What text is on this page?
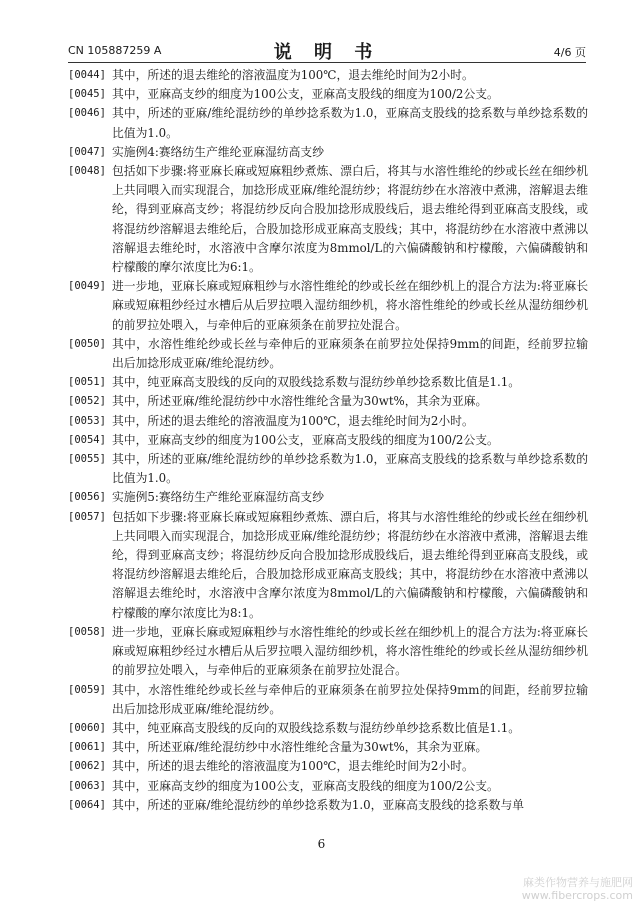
CN 105887259 A	说 明 书	4/6 页
[0044] 其中，所述的退去维纶的溶液温度为100℃，退去维纶时间为2小时。
[0045] 其中，亚麻高支纱的细度为100公支，亚麻高支股线的细度为100/2公支。
[0046] 其中，所述的亚麻/维纶混纺纱的单纱捻系数为1.0，亚麻高支股线的捻系数与单纱捻系数的比值为1.0。
[0047] 实施例4:赛络纺生产维纶亚麻湿纺高支纱
[0048] 包括如下步骤:将亚麻长麻或短麻粗纱煮炼、漂白后，将其与水溶性维纶的纱或长丝在细纱机上共同喂入而实现混合，加捻形成亚麻/维纶混纺纱；将混纺纱在水溶液中煮沸，溶解退去维纶，得到亚麻高支纱；将混纺纱反向合股加捻形成股线后，退去维纶得到亚麻高支股线，或将混纺纱溶解退去维纶后，合股加捻形成亚麻高支股线；其中，将混纺纱在水溶液中煮沸以溶解退去维纶时，水溶液中含摩尔浓度为8mmol/L的六偏磷酸钠和柠檬酸，六偏磷酸钠和柠檬酸的摩尔浓度比为6:1。
[0049] 进一步地，亚麻长麻或短麻粗纱与水溶性维纶的纱或长丝在细纱机上的混合方法为:将亚麻长麻或短麻粗纱经过水槽后从后罗拉喂入湿纺细纱机，将水溶性维纶的纱或长丝从湿纺细纱机的前罗拉处喂入，与牵伸后的亚麻须条在前罗拉处混合。
[0050] 其中，水溶性维纶纱或长丝与牵伸后的亚麻须条在前罗拉处保持9mm的间距，经前罗拉输出后加捻形成亚麻/维纶混纺纱。
[0051] 其中，纯亚麻高支股线的反向的双股线捻系数与混纺纱单纱捻系数比值是1.1。
[0052] 其中，所述亚麻/维纶混纺纱中水溶性维纶含量为30wt%，其余为亚麻。
[0053] 其中，所述的退去维纶的溶液温度为100℃，退去维纶时间为2小时。
[0054] 其中，亚麻高支纱的细度为100公支，亚麻高支股线的细度为100/2公支。
[0055] 其中，所述的亚麻/维纶混纺纱的单纱捻系数为1.0，亚麻高支股线的捻系数与单纱捻系数的比值为1.0。
[0056] 实施例5:赛络纺生产维纶亚麻湿纺高支纱
[0057] 包括如下步骤:将亚麻长麻或短麻粗纱煮炼、漂白后，将其与水溶性维纶的纱或长丝在细纱机上共同喂入而实现混合，加捻形成亚麻/维纶混纺纱；将混纺纱在水溶液中煮沸，溶解退去维纶，得到亚麻高支纱；将混纺纱反向合股加捻形成股线后，退去维纶得到亚麻高支股线，或将混纺纱溶解退去维纶后，合股加捻形成亚麻高支股线；其中，将混纺纱在水溶液中煮沸以溶解退去维纶时，水溶液中含摩尔浓度为8mmol/L的六偏磷酸钠和柠檬酸，六偏磷酸钠和柠檬酸的摩尔浓度比为8:1。
[0058] 进一步地，亚麻长麻或短麻粗纱与水溶性维纶的纱或长丝在细纱机上的混合方法为:将亚麻长麻或短麻粗纱经过水槽后从后罗拉喂入湿纺细纱机，将水溶性维纶的纱或长丝从湿纺细纱机的前罗拉处喂入，与牵伸后的亚麻须条在前罗拉处混合。
[0059] 其中，水溶性维纶纱或长丝与牵伸后的亚麻须条在前罗拉处保持9mm的间距，经前罗拉输出后加捻形成亚麻/维纶混纺纱。
[0060] 其中，纯亚麻高支股线的反向的双股线捻系数与混纺纱单纱捻系数比值是1.1。
[0061] 其中，所述亚麻/维纶混纺纱中水溶性维纶含量为30wt%，其余为亚麻。
[0062] 其中，所述的退去维纶的溶液温度为100℃，退去维纶时间为2小时。
[0063] 其中，亚麻高支纱的细度为100公支，亚麻高支股线的细度为100/2公支。
[0064] 其中，所述的亚麻/维纶混纺纱的单纱捻系数为1.0，亚麻高支股线的捻系数与单
6
麻类作物营养与施肥网
www.fibercrops.com
